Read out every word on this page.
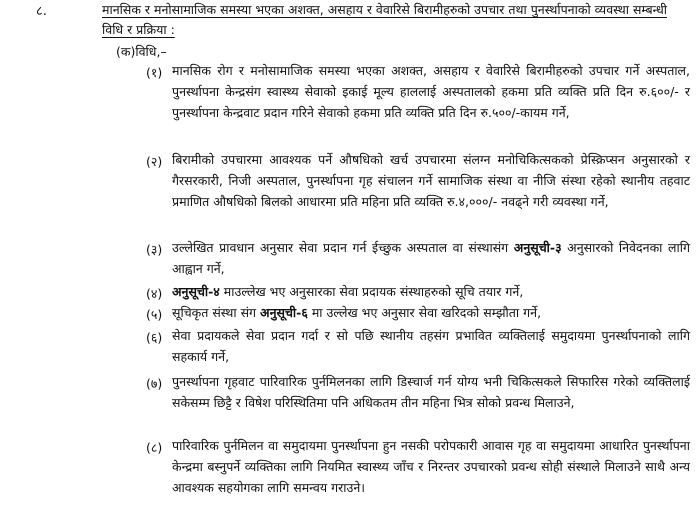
८.	मानसिक र मनोसामाजिक समस्या भएका अशक्त, असहाय र वेवारिसे बिरामीहरुको उपचार तथा पुनर्स्थापनाको व्यवस्था सम्बन्धी विधि र प्रक्रिया :
(क)विधि,–
(१) मानसिक रोग र मनोसामाजिक समस्या भएका अशक्त, असहाय र वेवारिसे बिरामीहरुको उपचार गर्ने अस्पताल, पुनर्स्थापना केन्द्रसंग स्वास्थ्य सेवाको इकाई मूल्य हाललाई अस्पतालको हकमा प्रति व्यक्ति प्रति दिन रु.६००/- र पुनर्स्थापना केन्द्रवाट प्रदान गरिने सेवाको हकमा प्रति व्यक्ति प्रति दिन रु.५००/-कायम गर्ने,
(२) बिरामीको उपचारमा आवश्यक पर्ने औषधिको खर्च उपचारमा संलग्न मनोचिकित्सकको प्रेस्क्रिप्सन अनुसारको र गैरसरकारी, निजी अस्पताल, पुनर्स्थापना गृह संचालन गर्ने सामाजिक संस्था वा नीजि संस्था रहेको स्थानीय तहवाट प्रमाणित औषधिको बिलको आधारमा प्रति महिना प्रति व्यक्ति रु.४,०००/- नवढ्ने गरी व्यवस्था गर्ने,
(३) उल्लेखित प्रावधान अनुसार सेवा प्रदान गर्न ईच्छुक अस्पताल वा संस्थासंग अनुसूची-३ अनुसारको निवेदनका लागि आह्वान गर्ने,
(४) अनुसूची-४ माउल्लेख भए अनुसारका सेवा प्रदायक संस्थाहरुको सूचि तयार गर्ने,
(५) सूचिकृत संस्था संग अनुसूची-६ मा उल्लेख भए अनुसार सेवा खरिदको सम्झौता गर्ने,
(६) सेवा प्रदायकले सेवा प्रदान गर्दा र सो पछि स्थानीय तहसंग प्रभावित व्यक्तिलाई समुदायमा पुनर्स्थापनाको लागि सहकार्य गर्ने,
(७) पुनर्स्थापना गृहवाट पारिवारिक पुर्नमिलनका लागि डिस्चार्ज गर्न योग्य भनी चिकित्सकले सिफारिस गरेको व्यक्तिलाई सकेसम्म छिट्टै र विषेश परिस्थितिमा पनि अधिकतम तीन महिना भित्र सोको प्रवन्ध मिलाउने,
(८) पारिवारिक पुर्नमिलन वा समुदायमा पुनर्स्थापना हुन नसकी परोपकारी आवास गृह वा समुदायमा आधारित पुनर्स्थापना केन्द्रमा बस्नुपर्ने व्यक्तिका लागि नियमित स्वास्थ्य जाँच र निरन्तर उपचारको प्रवन्ध सोही संस्थाले मिलाउने साथै अन्य आवश्यक सहयोगका लागि समन्वय गराउने।
